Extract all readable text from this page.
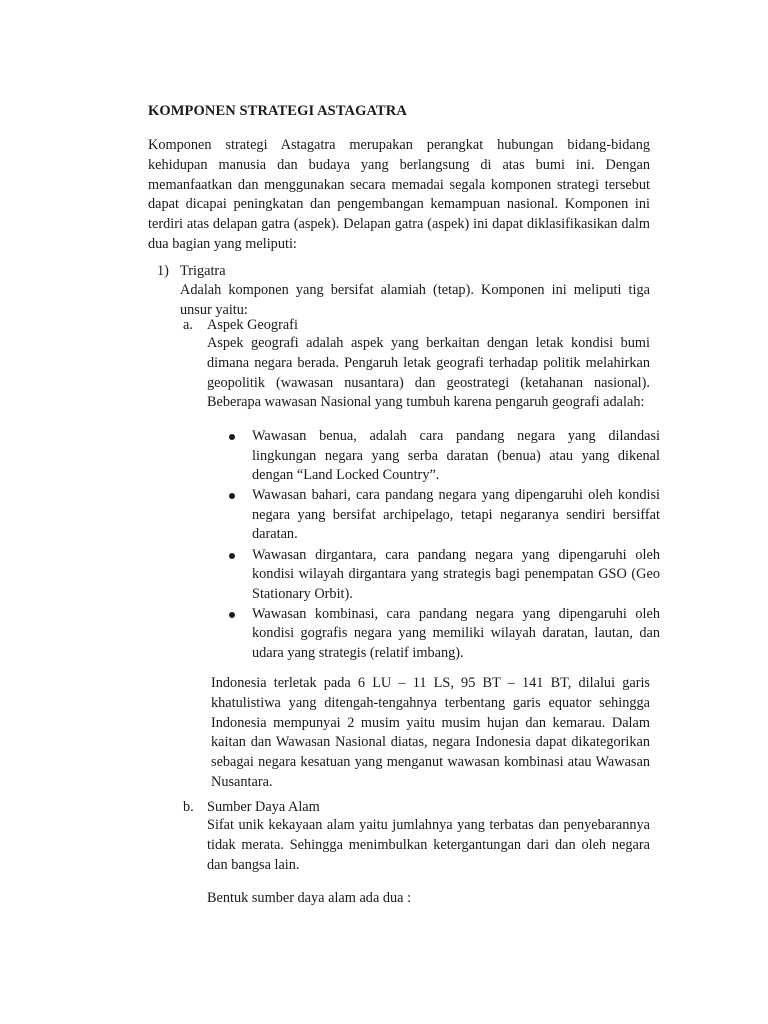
KOMPONEN STRATEGI ASTAGATRA

Komponen strategi Astagatra merupakan perangkat hubungan bidang-bidang kehidupan manusia dan budaya yang berlangsung di atas bumi ini. Dengan memanfaatkan dan menggunakan secara memadai segala komponen strategi tersebut dapat dicapai peningkatan dan pengembangan kemampuan nasional. Komponen ini terdiri atas delapan gatra (aspek). Delapan gatra (aspek) ini dapat diklasifikasikan dalm dua bagian yang meliputi:

1) Trigatra

Adalah komponen yang bersifat alamiah (tetap). Komponen ini meliputi tiga unsur yaitu:

a. Aspek Geografi

Aspek geografi adalah aspek yang berkaitan dengan letak kondisi bumi dimana negara berada. Pengaruh letak geografi terhadap politik melahirkan geopolitik (wawasan nusantara) dan geostrategi (ketahanan nasional). Beberapa wawasan Nasional yang tumbuh karena pengaruh geografi adalah:

Wawasan benua, adalah cara pandang negara yang dilandasi lingkungan negara yang serba daratan (benua) atau yang dikenal dengan “Land Locked Country”.
Wawasan bahari, cara pandang negara yang dipengaruhi oleh kondisi negara yang bersifat archipelago, tetapi negaranya sendiri bersiffat daratan.
Wawasan dirgantara, cara pandang negara yang dipengaruhi oleh kondisi wilayah dirgantara yang strategis bagi penempatan GSO (Geo Stationary Orbit).
Wawasan kombinasi, cara pandang negara yang dipengaruhi oleh kondisi gografis negara yang memiliki wilayah daratan, lautan, dan udara yang strategis (relatif imbang).

Indonesia terletak pada 6 LU – 11 LS, 95 BT – 141 BT, dilalui garis khatulistiwa yang ditengah-tengahnya terbentang garis equator sehingga Indonesia mempunyai 2 musim yaitu musim hujan dan kemarau. Dalam kaitan dan Wawasan Nasional diatas, negara Indonesia dapat dikategorikan sebagai negara kesatuan yang menganut wawasan kombinasi atau Wawasan Nusantara.

b. Sumber Daya Alam

Sifat unik kekayaan alam yaitu jumlahnya yang terbatas dan penyebarannya tidak merata. Sehingga menimbulkan ketergantungan dari dan oleh negara dan bangsa lain.

Bentuk sumber daya alam ada dua :
